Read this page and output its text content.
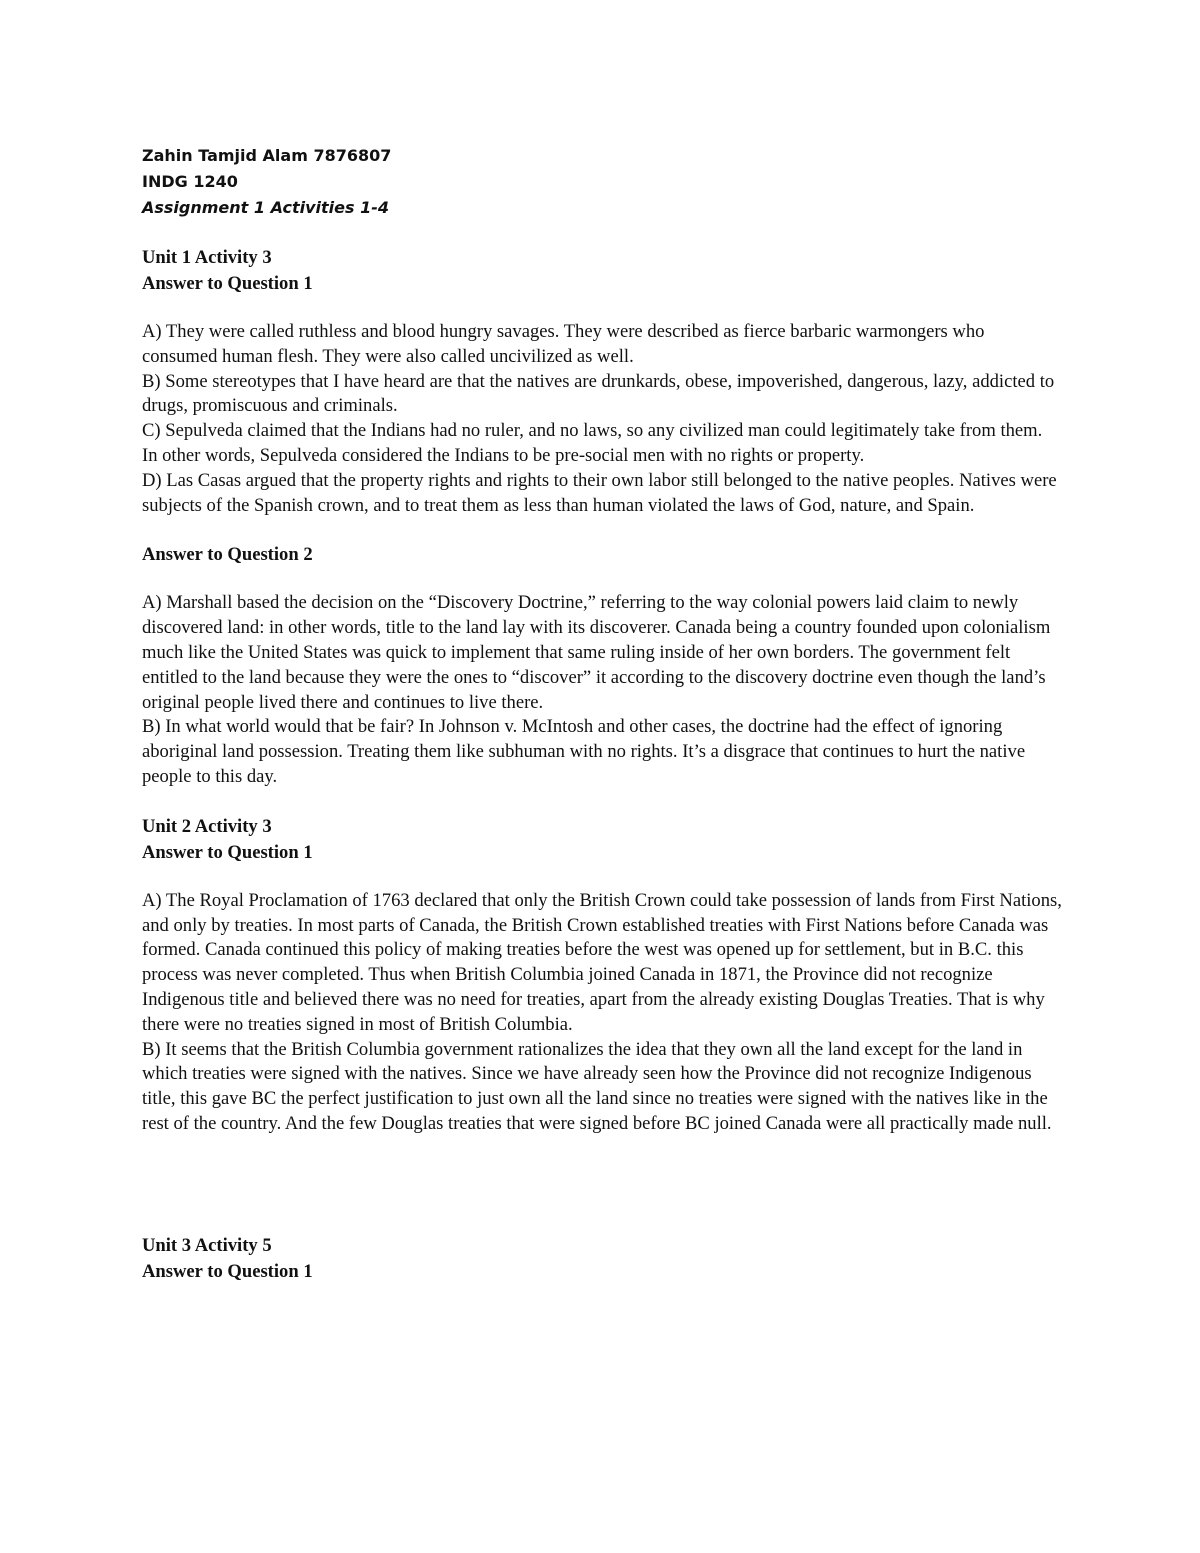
Zahin Tamjid Alam 7876807

INDG 1240

Assignment 1 Activities 1-4

Unit 1 Activity 3

Answer to Question 1

A) They were called ruthless and blood hungry savages. They were described as fierce barbaric warmongers who consumed human flesh. They were also called uncivilized as well.

B) Some stereotypes that I have heard are that the natives are drunkards, obese, impoverished, dangerous, lazy, addicted to drugs, promiscuous and criminals.

C) Sepulveda claimed that the Indians had no ruler, and no laws, so any civilized man could legitimately take from them. In other words, Sepulveda considered the Indians to be pre-social men with no rights or property.

D) Las Casas argued that the property rights and rights to their own labor still belonged to the native peoples. Natives were subjects of the Spanish crown, and to treat them as less than human violated the laws of God, nature, and Spain.

Answer to Question 2

A) Marshall based the decision on the “Discovery Doctrine,” referring to the way colonial powers laid claim to newly discovered land: in other words, title to the land lay with its discoverer. Canada being a country founded upon colonialism much like the United States was quick to implement that same ruling inside of her own borders. The government felt entitled to the land because they were the ones to “discover” it according to the discovery doctrine even though the land’s original people lived there and continues to live there.

B) In what world would that be fair? In Johnson v. McIntosh and other cases, the doctrine had the effect of ignoring aboriginal land possession. Treating them like subhuman with no rights. It’s a disgrace that continues to hurt the native people to this day.

Unit 2 Activity 3

Answer to Question 1

A) The Royal Proclamation of 1763 declared that only the British Crown could take possession of lands from First Nations, and only by treaties. In most parts of Canada, the British Crown established treaties with First Nations before Canada was formed. Canada continued this policy of making treaties before the west was opened up for settlement, but in B.C. this process was never completed. Thus when British Columbia joined Canada in 1871, the Province did not recognize Indigenous title and believed there was no need for treaties, apart from the already existing Douglas Treaties. That is why there were no treaties signed in most of British Columbia.

B) It seems that the British Columbia government rationalizes the idea that they own all the land except for the land in which treaties were signed with the natives. Since we have already seen how the Province did not recognize Indigenous title, this gave BC the perfect justification to just own all the land since no treaties were signed with the natives like in the rest of the country. And the few Douglas treaties that were signed before BC joined Canada were all practically made null.

Unit 3 Activity 5

Answer to Question 1
